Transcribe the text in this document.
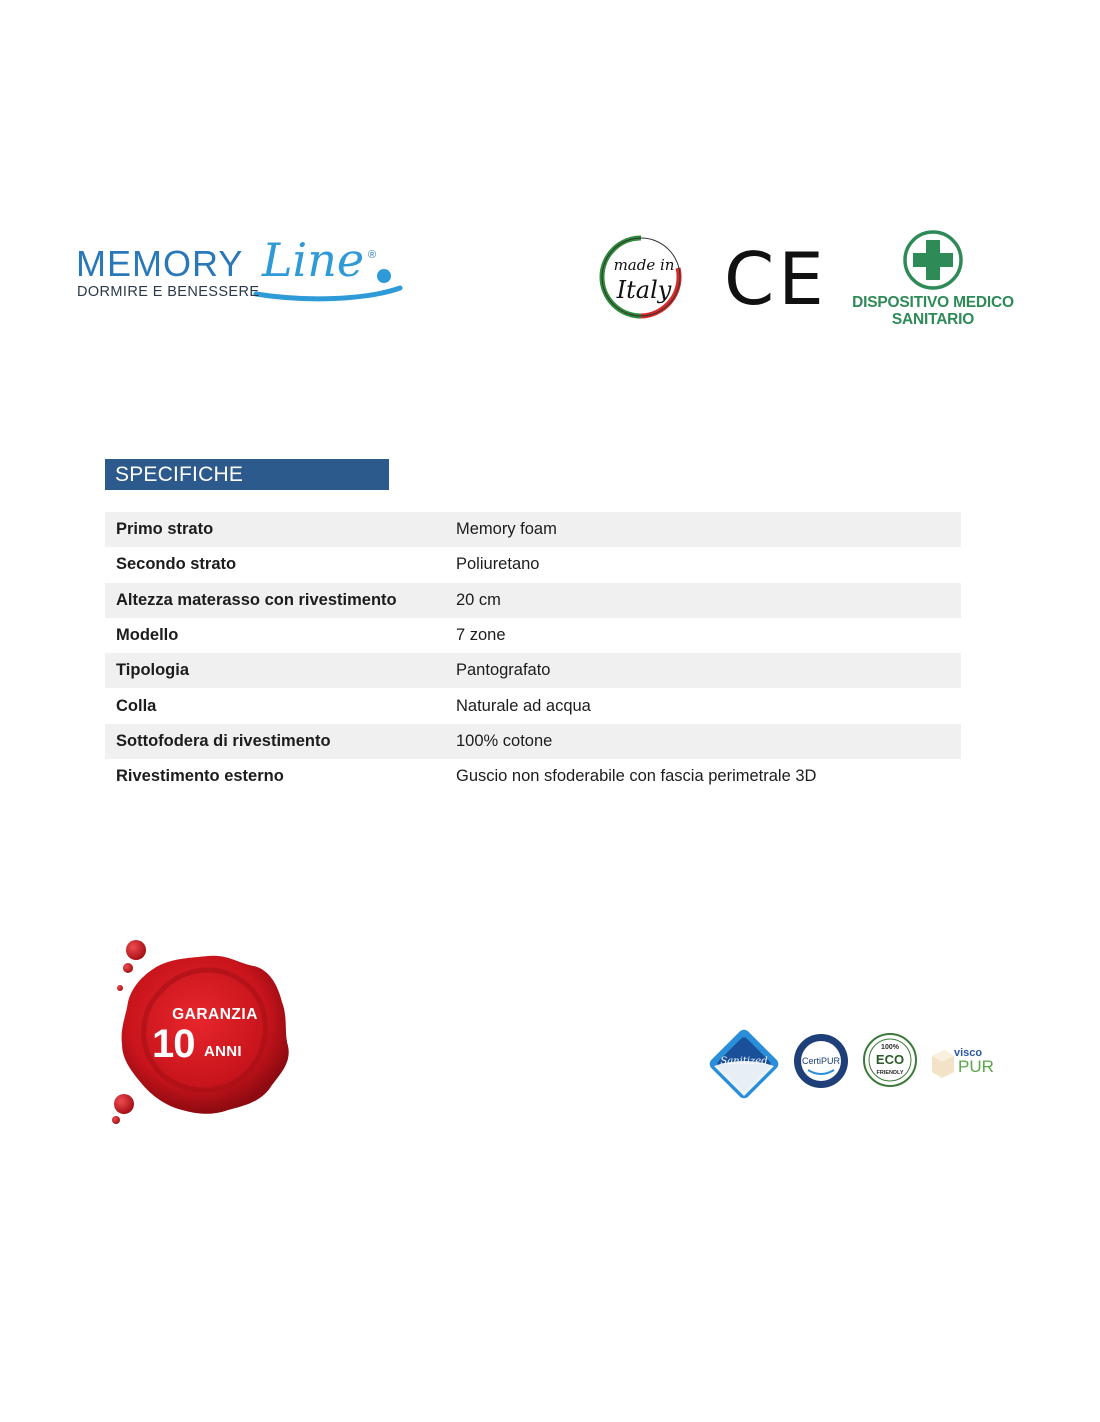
MEMORY Line ®
DORMIRE E BENESSERE
made in
Italy CE	DISPOSITIVO MEDICO
SANITARIO
SPECIFICHE
Primo strato	Memory foam
Secondo strato	Poliuretano
Altezza materasso con rivestimento	20 cm
Modello	7 zone
Tipologia	Pantografato
Colla	Naturale ad acqua
Sottofodera di rivestimento	100% cotone
Rivestimento esterno	Guscio non sfoderabile con fascia perimetrale 3D
GARANZIA
10 ANNI
Sanitized	CertiPUR
100%
ECO
FRIENDLY
visco
PUR
